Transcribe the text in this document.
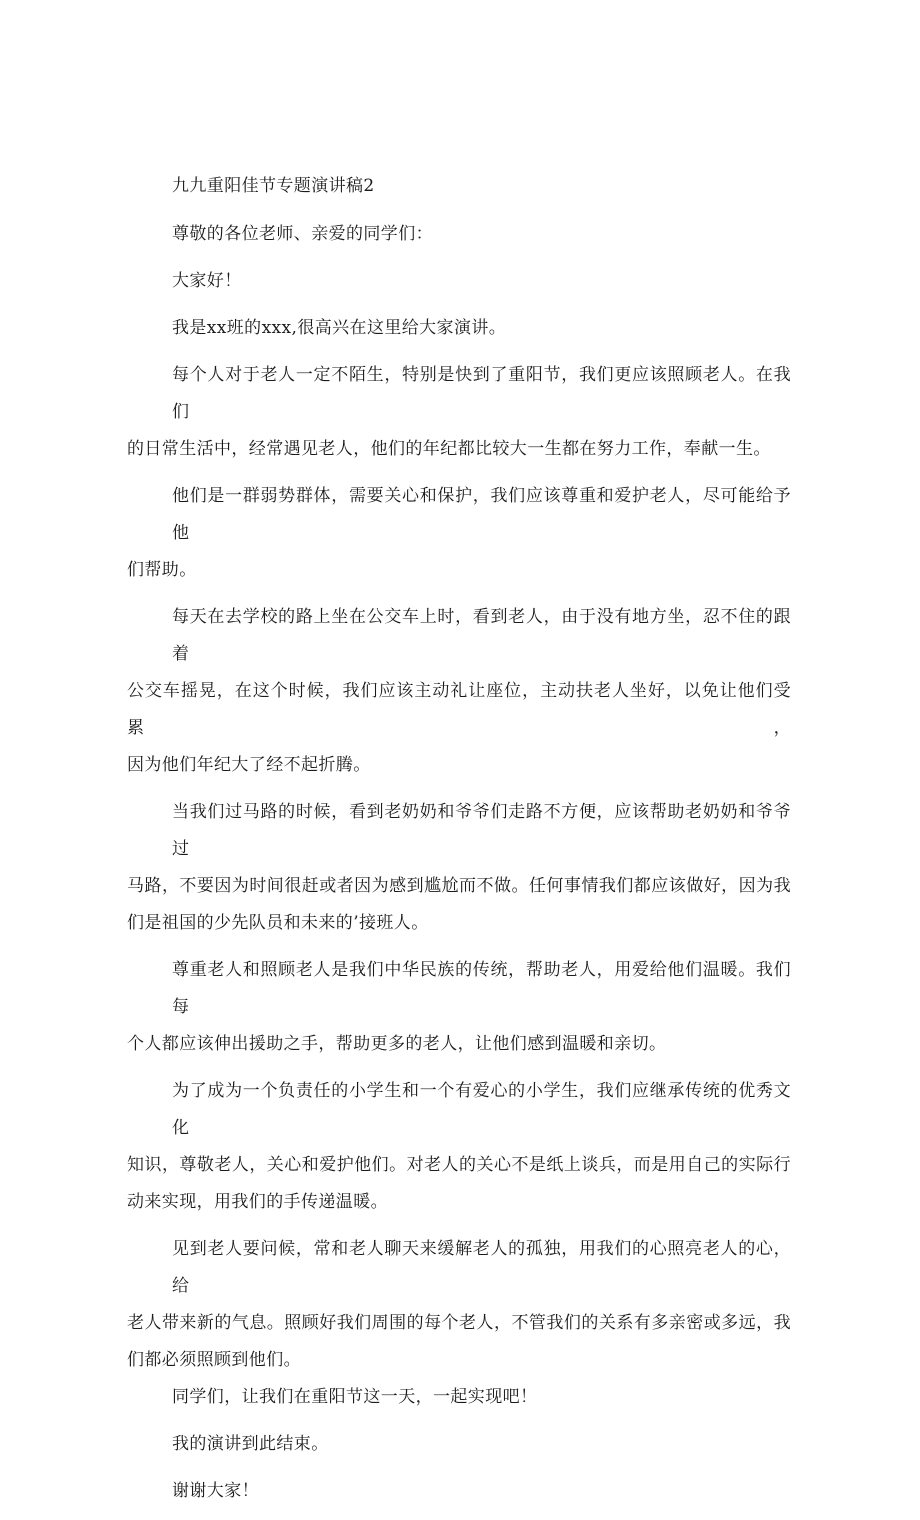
九九重阳佳节专题演讲稿2
尊敬的各位老师、亲爱的同学们：
大家好！
我是xx班的xxx,很高兴在这里给大家演讲。
每个人对于老人一定不陌生，特别是快到了重阳节，我们更应该照顾老人。在我们
的日常生活中，经常遇见老人，他们的年纪都比较大一生都在努力工作，奉献一生。
他们是一群弱势群体，需要关心和保护，我们应该尊重和爱护老人，尽可能给予他
们帮助。
每天在去学校的路上坐在公交车上时，看到老人，由于没有地方坐，忍不住的跟着
公交车摇晃，在这个时候，我们应该主动礼让座位，主动扶老人坐好，以免让他们受累，
因为他们年纪大了经不起折腾。
当我们过马路的时候，看到老奶奶和爷爷们走路不方便，应该帮助老奶奶和爷爷过
马路，不要因为时间很赶或者因为感到尴尬而不做。任何事情我们都应该做好，因为我
们是祖国的少先队员和未来的’接班人。
尊重老人和照顾老人是我们中华民族的传统，帮助老人，用爱给他们温暖。我们每
个人都应该伸出援助之手，帮助更多的老人，让他们感到温暖和亲切。
为了成为一个负责任的小学生和一个有爱心的小学生，我们应继承传统的优秀文化
知识，尊敬老人，关心和爱护他们。对老人的关心不是纸上谈兵，而是用自己的实际行
动来实现，用我们的手传递温暖。
见到老人要问候，常和老人聊天来缓解老人的孤独，用我们的心照亮老人的心，给
老人带来新的气息。照顾好我们周围的每个老人，不管我们的关系有多亲密或多远，我
们都必须照顾到他们。
同学们，让我们在重阳节这一天，一起实现吧！
我的演讲到此结束。
谢谢大家！
